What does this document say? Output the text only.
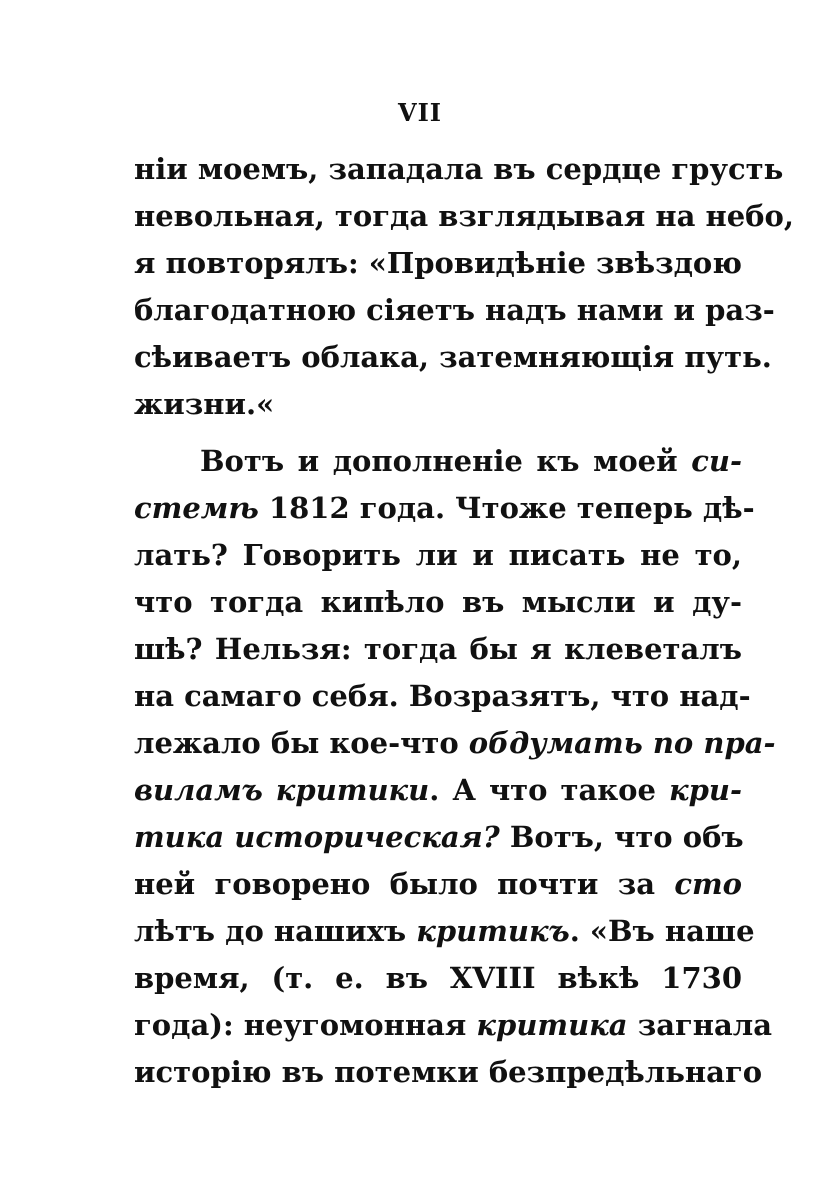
VII
ніи моемъ, западала въ сердце грусть
невольная, тогда взглядывая на небо,
я повторялъ: «Провидѣніе звѣздою
благодатною сіяетъ надъ нами и раз-
сѣиваетъ облака, затемняющія путь.
жизни.«
Вотъ и дополненіе къ моей си-
стемѣ 1812 года. Чтоже теперь дѣ-
лать? Говорить ли и писать не то,
что тогда кипѣло въ мысли и ду-
шѣ? Нельзя: тогда бы я клеветалъ
на самаго себя. Возразятъ, что над-
лежало бы кое-что обдумать по пра-
виламъ критики. А что такое кри-
тика историческая? Вотъ, что объ
ней говорено было почти за сто
лѣтъ до нашихъ критикъ. «Въ наше
время, (т. е. въ XVIII вѣкѣ 1730
года): неугомонная критика загнала
исторію въ потемки безпредѣльнаго
